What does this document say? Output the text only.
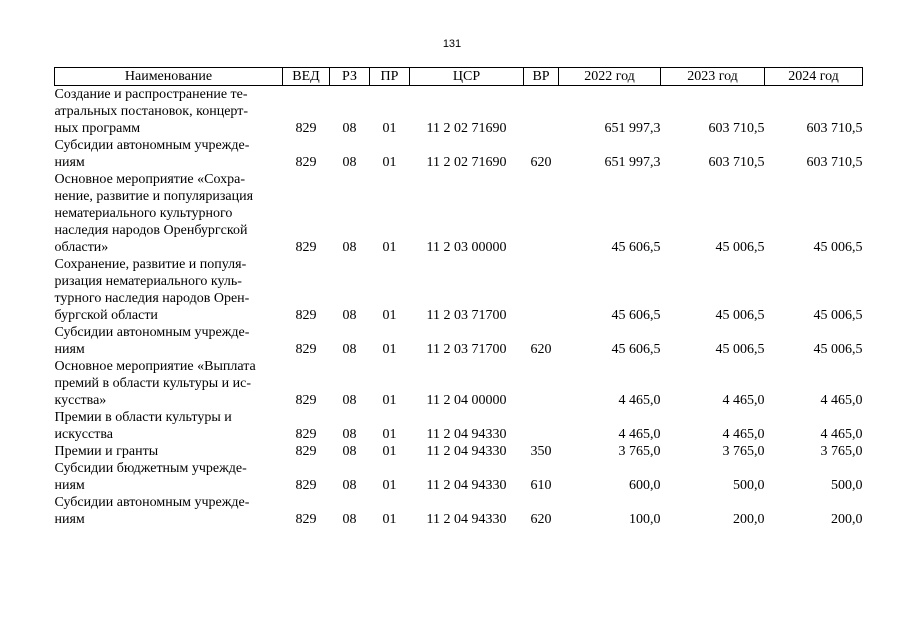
131
Наименование	ВЕД	РЗ	ПР	ЦСР	ВР	2022 год	2023 год	2024 год

Создание и распространение те-
атральных постановок, концерт-
ных программ	829	08	01	11 2 02 71690		651 997,3	603 710,5	603 710,5

Субсидии автономным учрежде-
ниям	829	08	01	11 2 02 71690	620	651 997,3	603 710,5	603 710,5

Основное мероприятие «Сохра-
нение, развитие и популяризация
нематериального культурного
наследия народов Оренбургской
области»	829	08	01	11 2 03 00000		45 606,5	45 006,5	45 006,5

Сохранение, развитие и популя-
ризация нематериального куль-
турного наследия народов Орен-
бургской области	829	08	01	11 2 03 71700		45 606,5	45 006,5	45 006,5

Субсидии автономным учрежде-
ниям	829	08	01	11 2 03 71700	620	45 606,5	45 006,5	45 006,5

Основное мероприятие «Выплата
премий в области культуры и ис-
кусства»	829	08	01	11 2 04 00000		4 465,0	4 465,0	4 465,0

Премии в области культуры и
искусства	829	08	01	11 2 04 94330		4 465,0	4 465,0	4 465,0

Премии и гранты	829	08	01	11 2 04 94330	350	3 765,0	3 765,0	3 765,0

Субсидии бюджетным учрежде-
ниям	829	08	01	11 2 04 94330	610	600,0	500,0	500,0

Субсидии автономным учрежде-
ниям	829	08	01	11 2 04 94330	620	100,0	200,0	200,0
